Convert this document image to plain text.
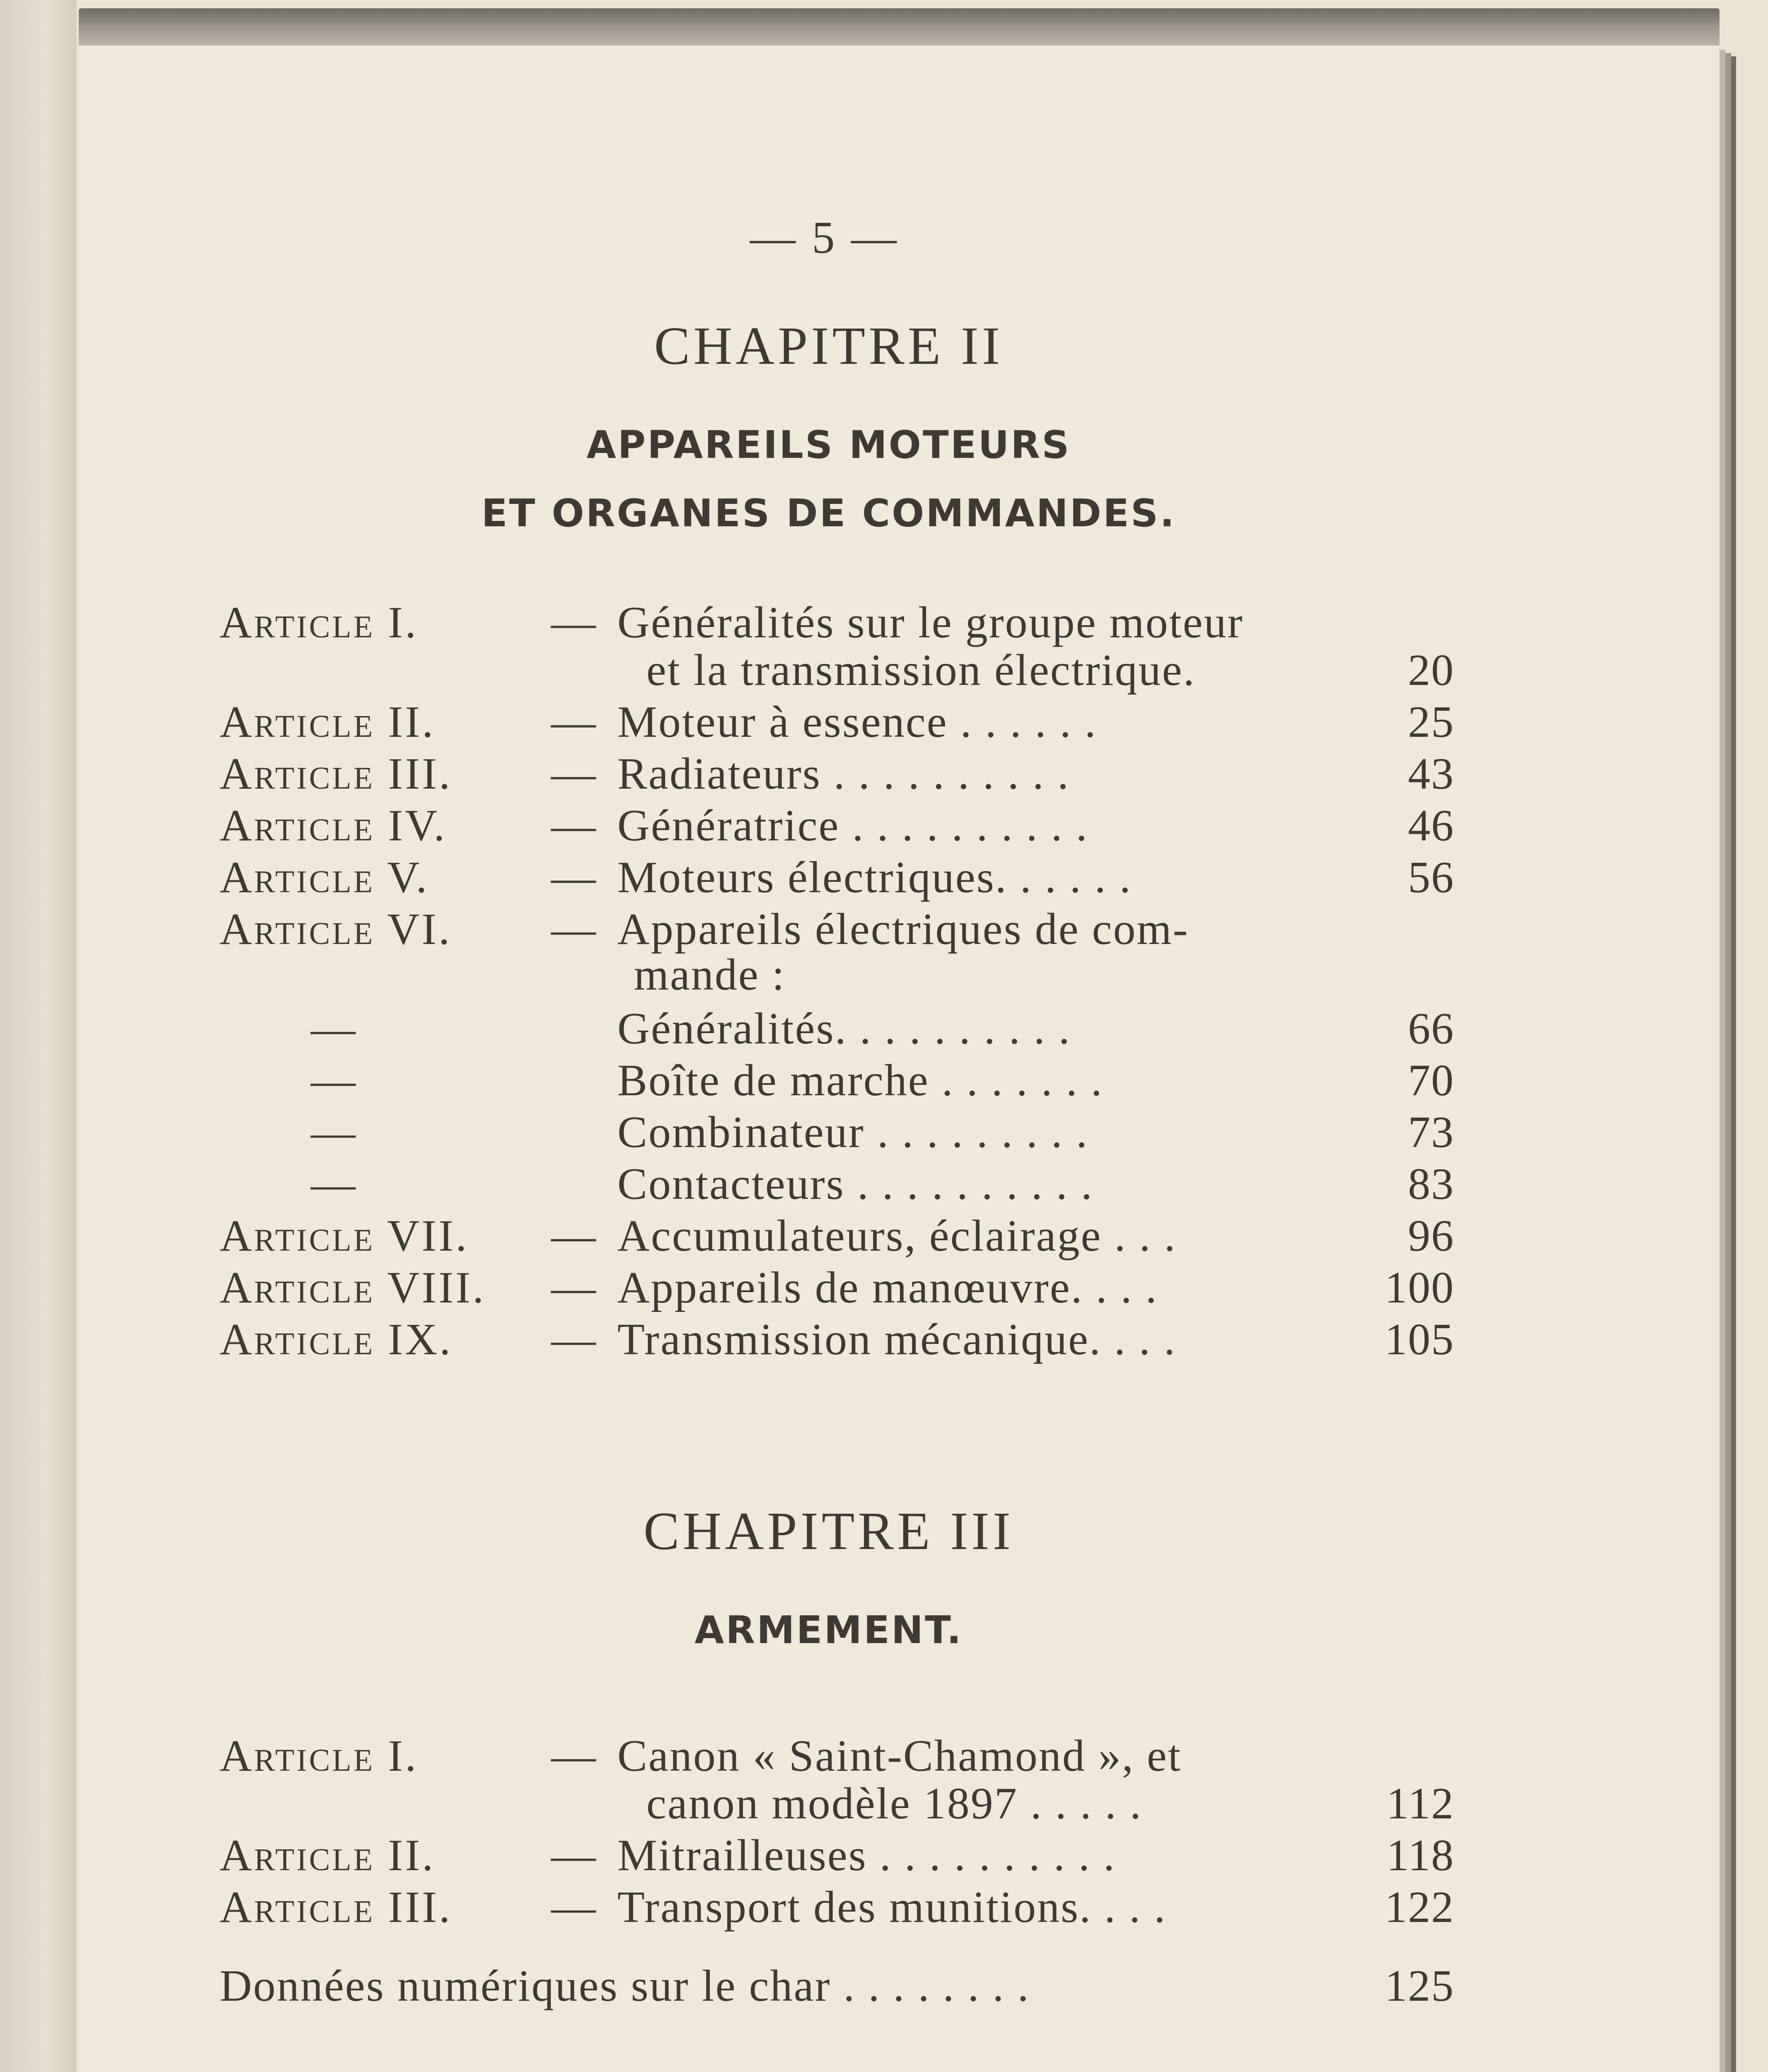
— 5 —
CHAPITRE II
APPAREILS MOTEURS
ET ORGANES DE COMMANDES.
Article I.	— Généralités sur le groupe moteur
et la transmission électrique.	20
Article II.	— Moteur à essence . . . . . .	25
Article III. — Radiateurs . . . . . . . . . .	43
Article IV. — Génératrice . . . . . . . . . .	46
Article V.	— Moteurs électriques. . . . . .	56
Article VI. — Appareils électriques de com-
mande :
—	Généralités. . . . . . . . . .	66
—	Boîte de marche . . . . . . .	70
—	Combinateur . . . . . . . . .	73
—	Contacteurs . . . . . . . . . .	83
Article VII. — Accumulateurs, éclairage . . .	96
Article VIII. — Appareils de manœuvre. . . .	100
Article IX. — Transmission mécanique. . . .	105
CHAPITRE III
ARMEMENT.
Article I.	— Canon « Saint-Chamond », et
canon modèle 1897 . . . . .	112
Article II.	— Mitrailleuses . . . . . . . . . .	118
Article III. — Transport des munitions. . . .	122
Données numériques sur le char . . . . . . . .	125
